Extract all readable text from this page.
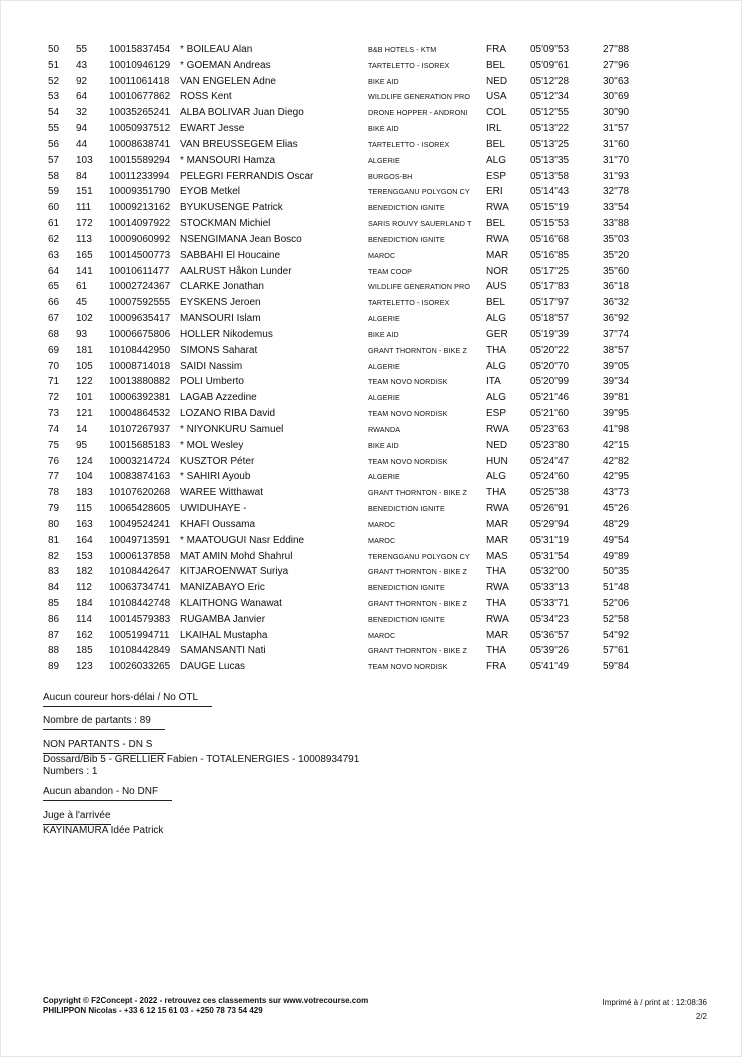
50 55 10015837454 * BOILEAU Alan	B&B HOTELS - KTM	FRA 05'09''53	27''88
51 43 10010946129 * GOEMAN Andreas	TARTELETTO - ISOREX	BEL	05'09''61	27''96
52 92 10011061418 VAN ENGELEN Adne	BIKE AID	NED 05'12''28	30''63
53 64 10010677862 ROSS Kent	WILDLIFE GENERATION PRO USA 05'12''34	30''69
54 32 10035265241 ALBA BOLIVAR Juan Diego	DRONE HOPPER - ANDRONI COL 05'12''55	30''90
55 94 10050937512 EWART Jesse	BIKE AID	IRL	05'13''22	31''57
56 44 10008638741 VAN BREUSSEGEM Elias	TARTELETTO - ISOREX	BEL	05'13''25	31''60
57 103 10015589294 * MANSOURI Hamza	ALGERIE	ALG 05'13''35	31''70
58 84 10011233994 PELEGRI FERRANDIS Oscar	BURGOS-BH	ESP 05'13''58	31''93
59 151 10009351790 EYOB Metkel	TERENGGANU POLYGON CY ERI	05'14''43	32''78
60 111 10009213162 BYUKUSENGE Patrick	BENEDICTION IGNITE	RWA 05'15''19	33''54
61 172 10014097922 STOCKMAN Michiel	SARIS ROUVY SAUERLAND T BEL	05'15''53	33''88
62 113 10009060992 NSENGIMANA Jean Bosco	BENEDICTION IGNITE	RWA 05'16''68	35''03
63 165 10014500773 SABBAHI El Houcaine	MAROC	MAR 05'16''85	35''20
64 141 10010611477 AALRUST Håkon Lunder	TEAM COOP	NOR 05'17''25	35''60
65 61 10002724367 CLARKE Jonathan	WILDLIFE GENERATION PRO AUS 05'17''83	36''18
66 45 10007592555 EYSKENS Jeroen	TARTELETTO - ISOREX	BEL	05'17''97	36''32
67 102 10009635417 MANSOURI Islam	ALGERIE	ALG 05'18''57	36''92
68 93 10006675806 HOLLER Nikodemus	BIKE AID	GER 05'19''39	37''74
69 181 10108442950 SIMONS Saharat	GRANT THORNTON - BIKE Z THA 05'20''22	38''57
70 105 10008714018 SAIDI Nassim	ALGERIE	ALG 05'20''70	39''05
71 122 10013880882 POLI Umberto	TEAM NOVO NORDISK	ITA	05'20''99	39''34
72 101 10006392381 LAGAB Azzedine	ALGERIE	ALG 05'21''46	39''81
73 121 10004864532 LOZANO RIBA David	TEAM NOVO NORDISK	ESP 05'21''60	39''95
74 14 10107267937 * NIYONKURU Samuel	RWANDA	RWA 05'23''63	41''98
75 95 10015685183 * MOL Wesley	BIKE AID	NED 05'23''80	42''15
76 124 10003214724 KUSZTOR Péter	TEAM NOVO NORDISK	HUN 05'24''47	42''82
77 104 10083874163 * SAHIRI Ayoub	ALGERIE	ALG 05'24''60	42''95
78 183 10107620268 WAREE Witthawat	GRANT THORNTON - BIKE Z THA 05'25''38	43''73
79 115 10065428605 UWIDUHAYE -	BENEDICTION IGNITE	RWA 05'26''91	45''26
80 163 10049524241 KHAFI Oussama	MAROC	MAR 05'29''94	48''29
81 164 10049713591 * MAATOUGUI Nasr Eddine	MAROC	MAR 05'31''19	49''54
82 153 10006137858 MAT AMIN Mohd Shahrul	TERENGGANU POLYGON CY MAS 05'31''54	49''89
83 182 10108442647 KITJAROENWAT Suriya	GRANT THORNTON - BIKE Z THA 05'32''00	50''35
84 112 10063734741 MANIZABAYO Eric	BENEDICTION IGNITE	RWA 05'33''13	51''48
85 184 10108442748 KLAITHONG Wanawat	GRANT THORNTON - BIKE Z THA 05'33''71	52''06
86 114 10014579383 RUGAMBA Janvier	BENEDICTION IGNITE	RWA 05'34''23	52''58
87 162 10051994711 LKAIHAL Mustapha	MAROC	MAR 05'36''57	54''92
88 185 10108442849 SAMANSANTI Nati	GRANT THORNTON - BIKE Z THA 05'39''26	57''61
89 123 10026033265 DAUGE Lucas	TEAM NOVO NORDISK	FRA 05'41''49	59''84
Aucun coureur hors-délai / No OTL
Nombre de partants : 89
NON PARTANTS - DN S
Dossard/Bib 5 - GRELLIER Fabien - TOTALENERGIES - 10008934791
Numbers : 1
Aucun abandon - No DNF
Juge à l'arrivée
KAYINAMURA Idée Patrick
Copyright © F2Concept - 2022 - retrouvez ces classements sur www.votrecourse.com
PHILIPPON Nicolas - +33 6 12 15 61 03 - +250 78 73 54 429
Imprimé à / print at : 12:08:36
2/2
